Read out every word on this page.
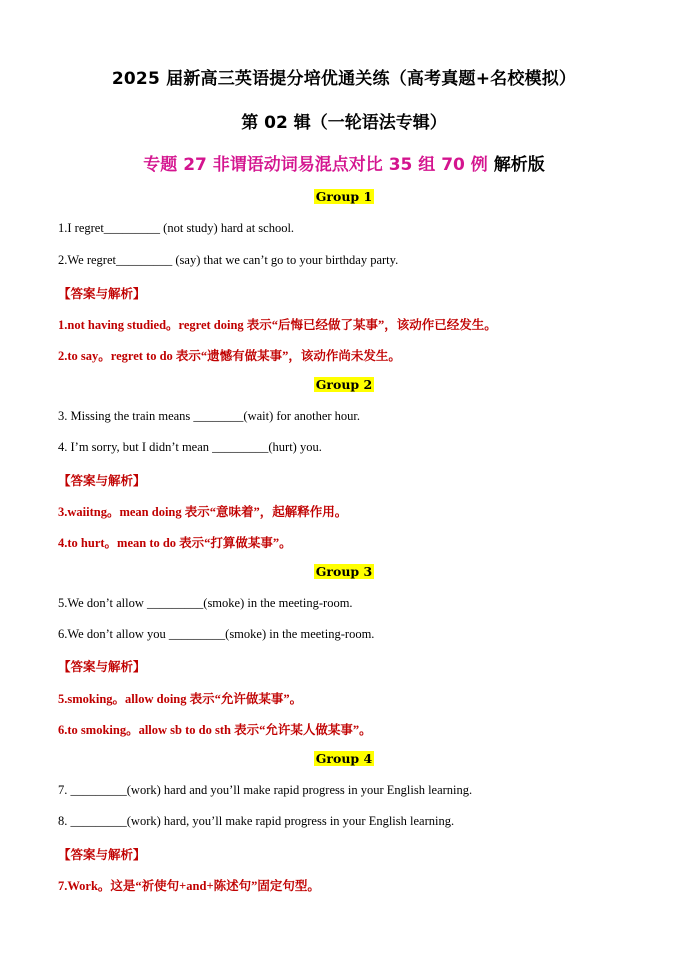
2025 届新高三英语提分培优通关练（高考真题+名校模拟）
第 02 辑（一轮语法专辑）
专题 27 非谓语动词易混点对比 35 组 70 例 解析版
Group 1
1.I regret_________ (not study) hard at school.
2.We regret_________ (say) that we can’t go to your birthday party.
【答案与解析】
1.not having studied。regret doing 表示“后悔已经做了某事”，该动作已经发生。
2.to say。regret to do 表示“遗憾有做某事”，该动作尚未发生。
Group 2
3. Missing the train means ________(wait) for another hour.
4. I’m sorry, but I didn’t mean _________(hurt) you.
【答案与解析】
3.waiitng。mean doing 表示“意味着”，起解释作用。
4.to hurt。mean to do 表示“打算做某事”。
Group 3
5.We don’t allow _________(smoke) in the meeting-room.
6.We don’t allow you _________(smoke) in the meeting-room.
【答案与解析】
5.smoking。allow doing 表示“允许做某事”。
6.to smoking。allow sb to do sth 表示“允许某人做某事”。
Group 4
7. _________(work) hard and you’ll make rapid progress in your English learning.
8. _________(work) hard, you’ll make rapid progress in your English learning.
【答案与解析】
7.Work。这是“祈使句+and+陈述句”固定句型。
